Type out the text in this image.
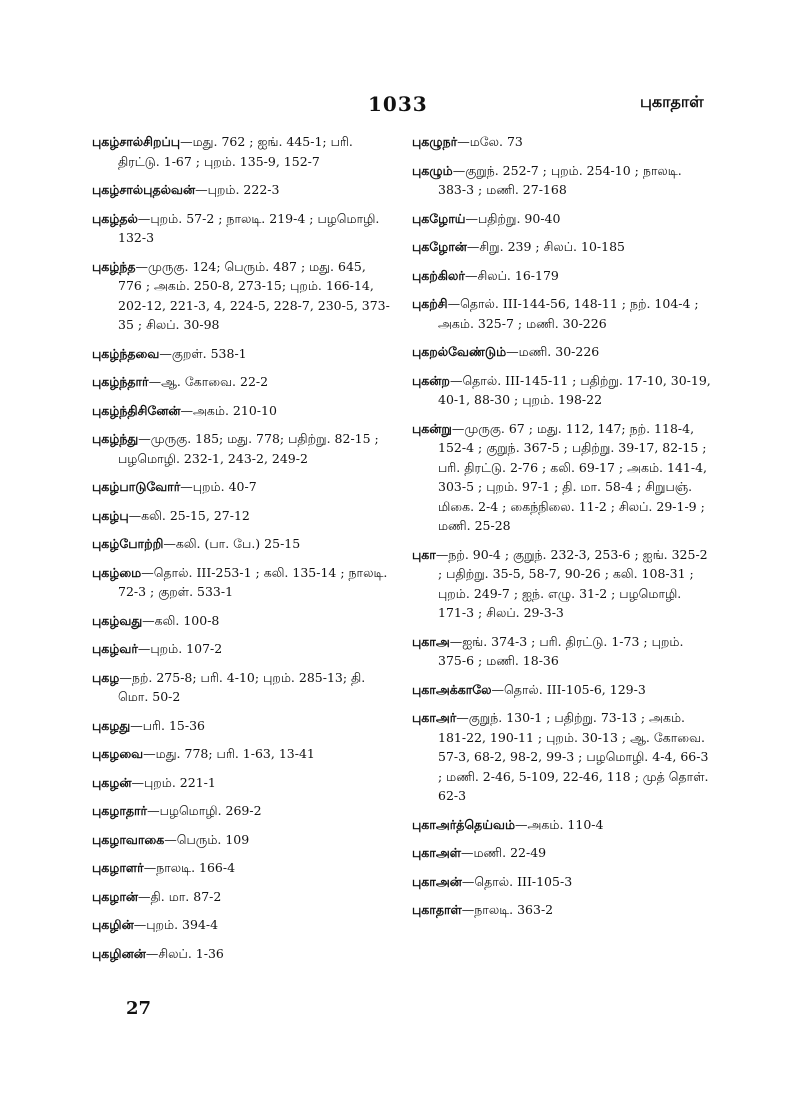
1033	புகாதாள்
புகழ்சால்சிறப்பு—மது. 762 ; ஐங். 445-1; பரி. திரட்டு. 1-67 ; புறம். 135-9, 152-7
புகழ்சால்புதல்வன்—புறம். 222-3
புகழ்தல்—புறம். 57-2 ; நாலடி. 219-4 ; பழமொழி. 132-3
புகழ்ந்த—முருகு. 124; பெரும். 487 ; மது. 645, 776 ; அகம். 250-8, 273-15; புறம். 166-14, 202-12, 221-3, 4, 224-5, 228-7, 230-5, 373-35 ; சிலப். 30-98
புகழ்ந்தவை—குறள். 538-1
புகழ்ந்தார்—ஆ. கோவை. 22-2
புகழ்ந்திசினேன்—அகம். 210-10
புகழ்ந்து—முருகு. 185; மது. 778; பதிற்று. 82-15 ; பழமொழி. 232-1, 243-2, 249-2
புகழ்பாடுவோர்—புறம். 40-7
புகழ்பு—கலி. 25-15, 27-12
புகழ்போற்றி—கலி. (பா. பே.) 25-15
புகழ்மை—தொல். III-253-1 ; கலி. 135-14 ; நாலடி. 72-3 ; குறள். 533-1
புகழ்வது—கலி. 100-8
புகழ்வர்—புறம். 107-2
புகழ—நற். 275-8; பரி. 4-10; புறம். 285-13; தி. மொ. 50-2
புகழது—பரி. 15-36
புகழவை—மது. 778; பரி. 1-63, 13-41
புகழன்—புறம். 221-1
புகழாதார்—பழமொழி. 269-2
புகழாவாகை—பெரும். 109
புகழாளர்—நாலடி. 166-4
புகழான்—தி. மா. 87-2
புகழின்—புறம். 394-4
புகழினன்—சிலப். 1-36
புகழுநர்—மலே. 73
புகழும்—குறுந். 252-7 ; புறம். 254-10 ; நாலடி. 383-3 ; மணி. 27-168
புகழோய்—பதிற்று. 90-40
புகழோன்—சிறு. 239 ; சிலப். 10-185
புகற்கிலர்—சிலப். 16-179
புகற்சி—தொல். III-144-56, 148-11 ; நற். 104-4 ; அகம். 325-7 ; மணி. 30-226
புகறல்வேண்டும்—மணி. 30-226
புகன்ற—தொல். III-145-11 ; பதிற்று. 17-10, 30-19, 40-1, 88-30 ; புறம். 198-22
புகன்று—முருகு. 67 ; மது. 112, 147; நற். 118-4, 152-4 ; குறுந். 367-5 ; பதிற்று. 39-17, 82-15 ; பரி. திரட்டு. 2-76 ; கலி. 69-17 ; அகம். 141-4, 303-5 ; புறம். 97-1 ; தி. மா. 58-4 ; சிறுபஞ். மிகை. 2-4 ; கைந்நிலை. 11-2 ; சிலப். 29-1-9 ; மணி. 25-28
புகா—நற். 90-4 ; குறுந். 232-3, 253-6 ; ஐங். 325-2 ; பதிற்று. 35-5, 58-7, 90-26 ; கலி. 108-31 ; புறம். 249-7 ; ஐந். எழு. 31-2 ; பழமொழி. 171-3 ; சிலப். 29-3-3
புகாஅ—ஐங். 374-3 ; பரி. திரட்டு. 1-73 ; புறம். 375-6 ; மணி. 18-36
புகாஅக்காலே—தொல். III-105-6, 129-3
புகாஅர்—குறுந். 130-1 ; பதிற்று. 73-13 ; அகம். 181-22, 190-11 ; புறம். 30-13 ; ஆ. கோவை. 57-3, 68-2, 98-2, 99-3 ; பழமொழி. 4-4, 66-3 ; மணி. 2-46, 5-109, 22-46, 118 ; முத் தொள். 62-3
புகாஅர்த்தெய்வம்—அகம். 110-4
புகாஅள்—மணி. 22-49
புகாஅன்—தொல். III-105-3
புகாதாள்—நாலடி. 363-2
27
